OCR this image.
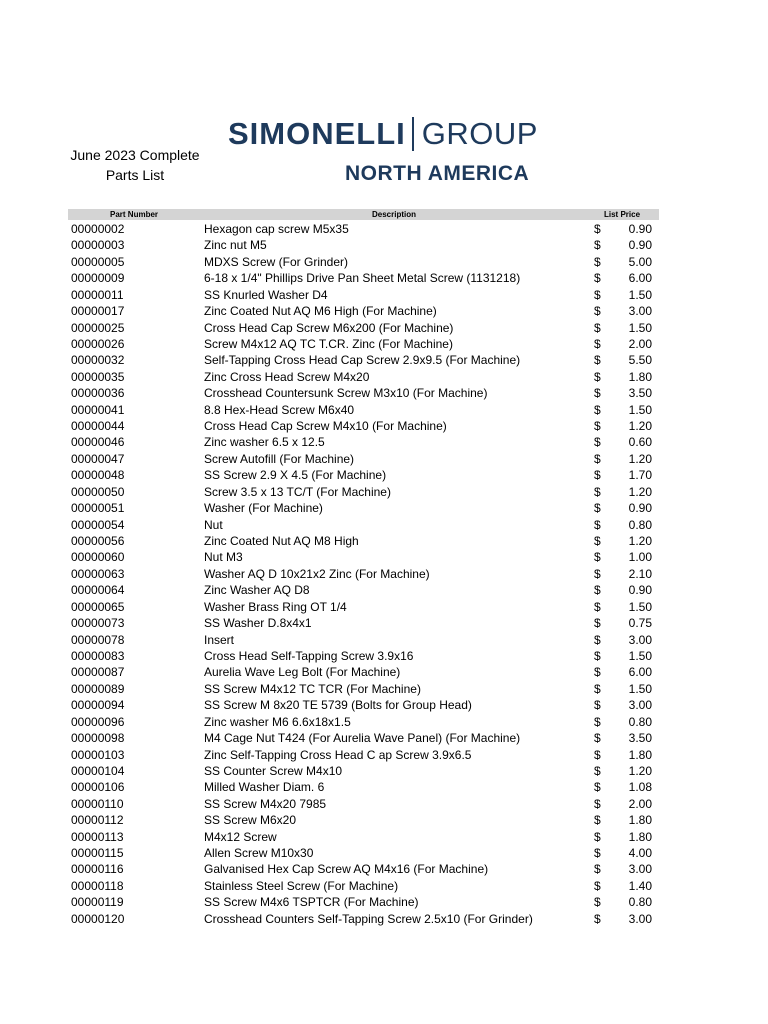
June 2023 Complete Parts List
SIMONELLI GROUP
NORTH AMERICA
Part Number	Description	List Price
00000002	Hexagon cap screw M5x35	$ 0.90
00000003	Zinc nut M5	$ 0.90
00000005	MDXS Screw (For Grinder)	$ 5.00
00000009	6-18 x 1/4" Phillips Drive Pan Sheet Metal Screw (1131218)	$ 6.00
00000011	SS Knurled Washer D4	$ 1.50
00000017	Zinc Coated Nut AQ M6 High (For Machine)	$ 3.00
00000025	Cross Head Cap Screw M6x200 (For Machine)	$ 1.50
00000026	Screw M4x12 AQ TC T.CR. Zinc (For Machine)	$ 2.00
00000032	Self-Tapping Cross Head Cap Screw 2.9x9.5 (For Machine)	$ 5.50
00000035	Zinc Cross Head Screw M4x20	$ 1.80
00000036	Crosshead Countersunk Screw M3x10 (For Machine)	$ 3.50
00000041	8.8 Hex-Head Screw M6x40	$ 1.50
00000044	Cross Head Cap Screw M4x10 (For Machine)	$ 1.20
00000046	Zinc washer 6.5 x 12.5	$ 0.60
00000047	Screw Autofill (For Machine)	$ 1.20
00000048	SS Screw 2.9 X 4.5 (For Machine)	$ 1.70
00000050	Screw 3.5 x 13 TC/T (For Machine)	$ 1.20
00000051	Washer (For Machine)	$ 0.90
00000054	Nut	$ 0.80
00000056	Zinc Coated Nut AQ M8 High	$ 1.20
00000060	Nut M3	$ 1.00
00000063	Washer AQ D 10x21x2 Zinc (For Machine)	$ 2.10
00000064	Zinc Washer AQ D8	$ 0.90
00000065	Washer Brass Ring OT 1/4	$ 1.50
00000073	SS Washer D.8x4x1	$ 0.75
00000078	Insert	$ 3.00
00000083	Cross Head Self-Tapping Screw 3.9x16	$ 1.50
00000087	Aurelia Wave Leg Bolt (For Machine)	$ 6.00
00000089	SS Screw M4x12 TC TCR (For Machine)	$ 1.50
00000094	SS Screw M 8x20 TE 5739 (Bolts for Group Head)	$ 3.00
00000096	Zinc washer M6 6.6x18x1.5	$ 0.80
00000098	M4 Cage Nut T424 (For Aurelia Wave Panel) (For Machine)	$ 3.50
00000103	Zinc Self-Tapping Cross Head C ap Screw 3.9x6.5	$ 1.80
00000104	SS Counter Screw M4x10	$ 1.20
00000106	Milled Washer Diam. 6	$ 1.08
00000110	SS Screw M4x20 7985	$ 2.00
00000112	SS Screw M6x20	$ 1.80
00000113	M4x12 Screw	$ 1.80
00000115	Allen Screw M10x30	$ 4.00
00000116	Galvanised Hex Cap Screw AQ M4x16 (For Machine)	$ 3.00
00000118	Stainless Steel Screw (For Machine)	$ 1.40
00000119	SS Screw M4x6 TSPTCR (For Machine)	$ 0.80
00000120	Crosshead Counters Self-Tapping Screw 2.5x10 (For Grinder)	$ 3.00
